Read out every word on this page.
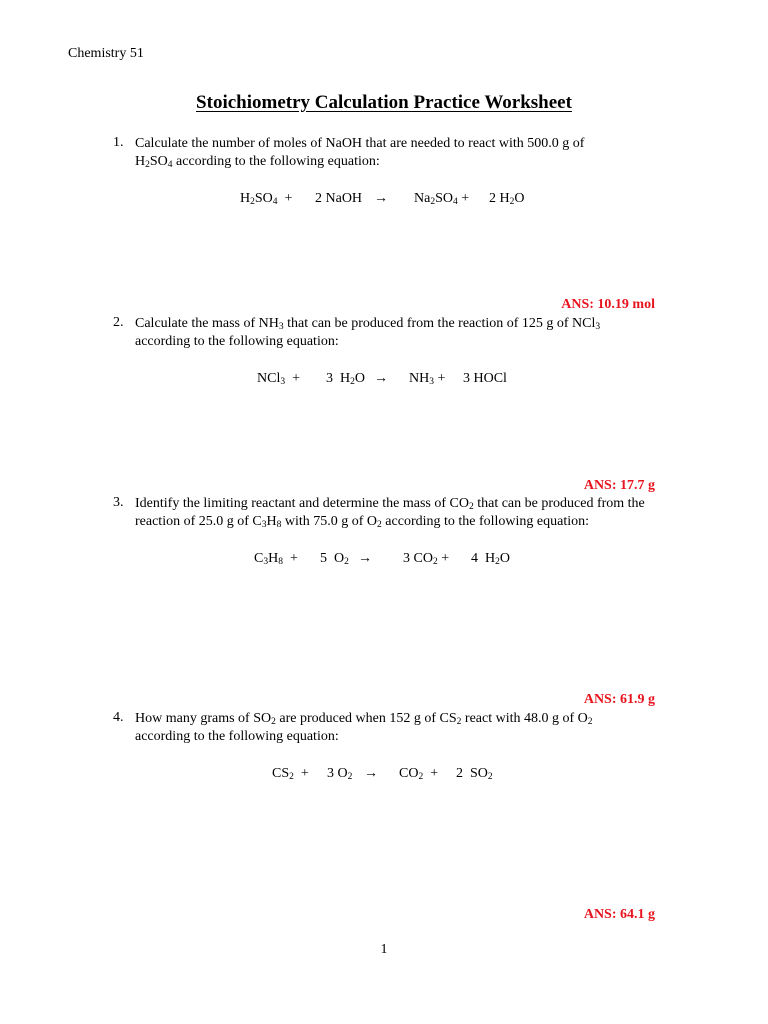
Chemistry 51
Stoichiometry Calculation Practice Worksheet
1. Calculate the number of moles of NaOH that are needed to react with 500.0 g of
$H_2SO_4$ according to the following equation:
$H_2SO_4 + 2$ NaOH → $Na_2SO_4 + 2$ $H_2O$
ANS: 10.19 mol
2. Calculate the mass of $NH_3$ that can be produced from the reaction of 125 g of NCl$_3$
according to the following equation:
NCl$_3$  + 3  $H_2O \to NH_3 + 3$ HOCl
ANS: 17.7 g
3. Identify the limiting reactant and determine the mass of $CO_2$ that can be produced from the
reaction of 25.0 g of $C_3H_8$ with 75.0 g of $O_2$ according to the following equation:
$C_3H_8 + 5$  $O_2 \to 3$ $CO_2 + 4$  $H_2O$
ANS: 61.9 g
4. How many grams of $SO_2$ are produced when 152 g of $CS_2$ react with 48.0 g of $O_2$
according to the following equation:
$CS_2 + 3$ $O_2 \to CO_2 + 2$  $SO_2$
ANS: 64.1 g
1
